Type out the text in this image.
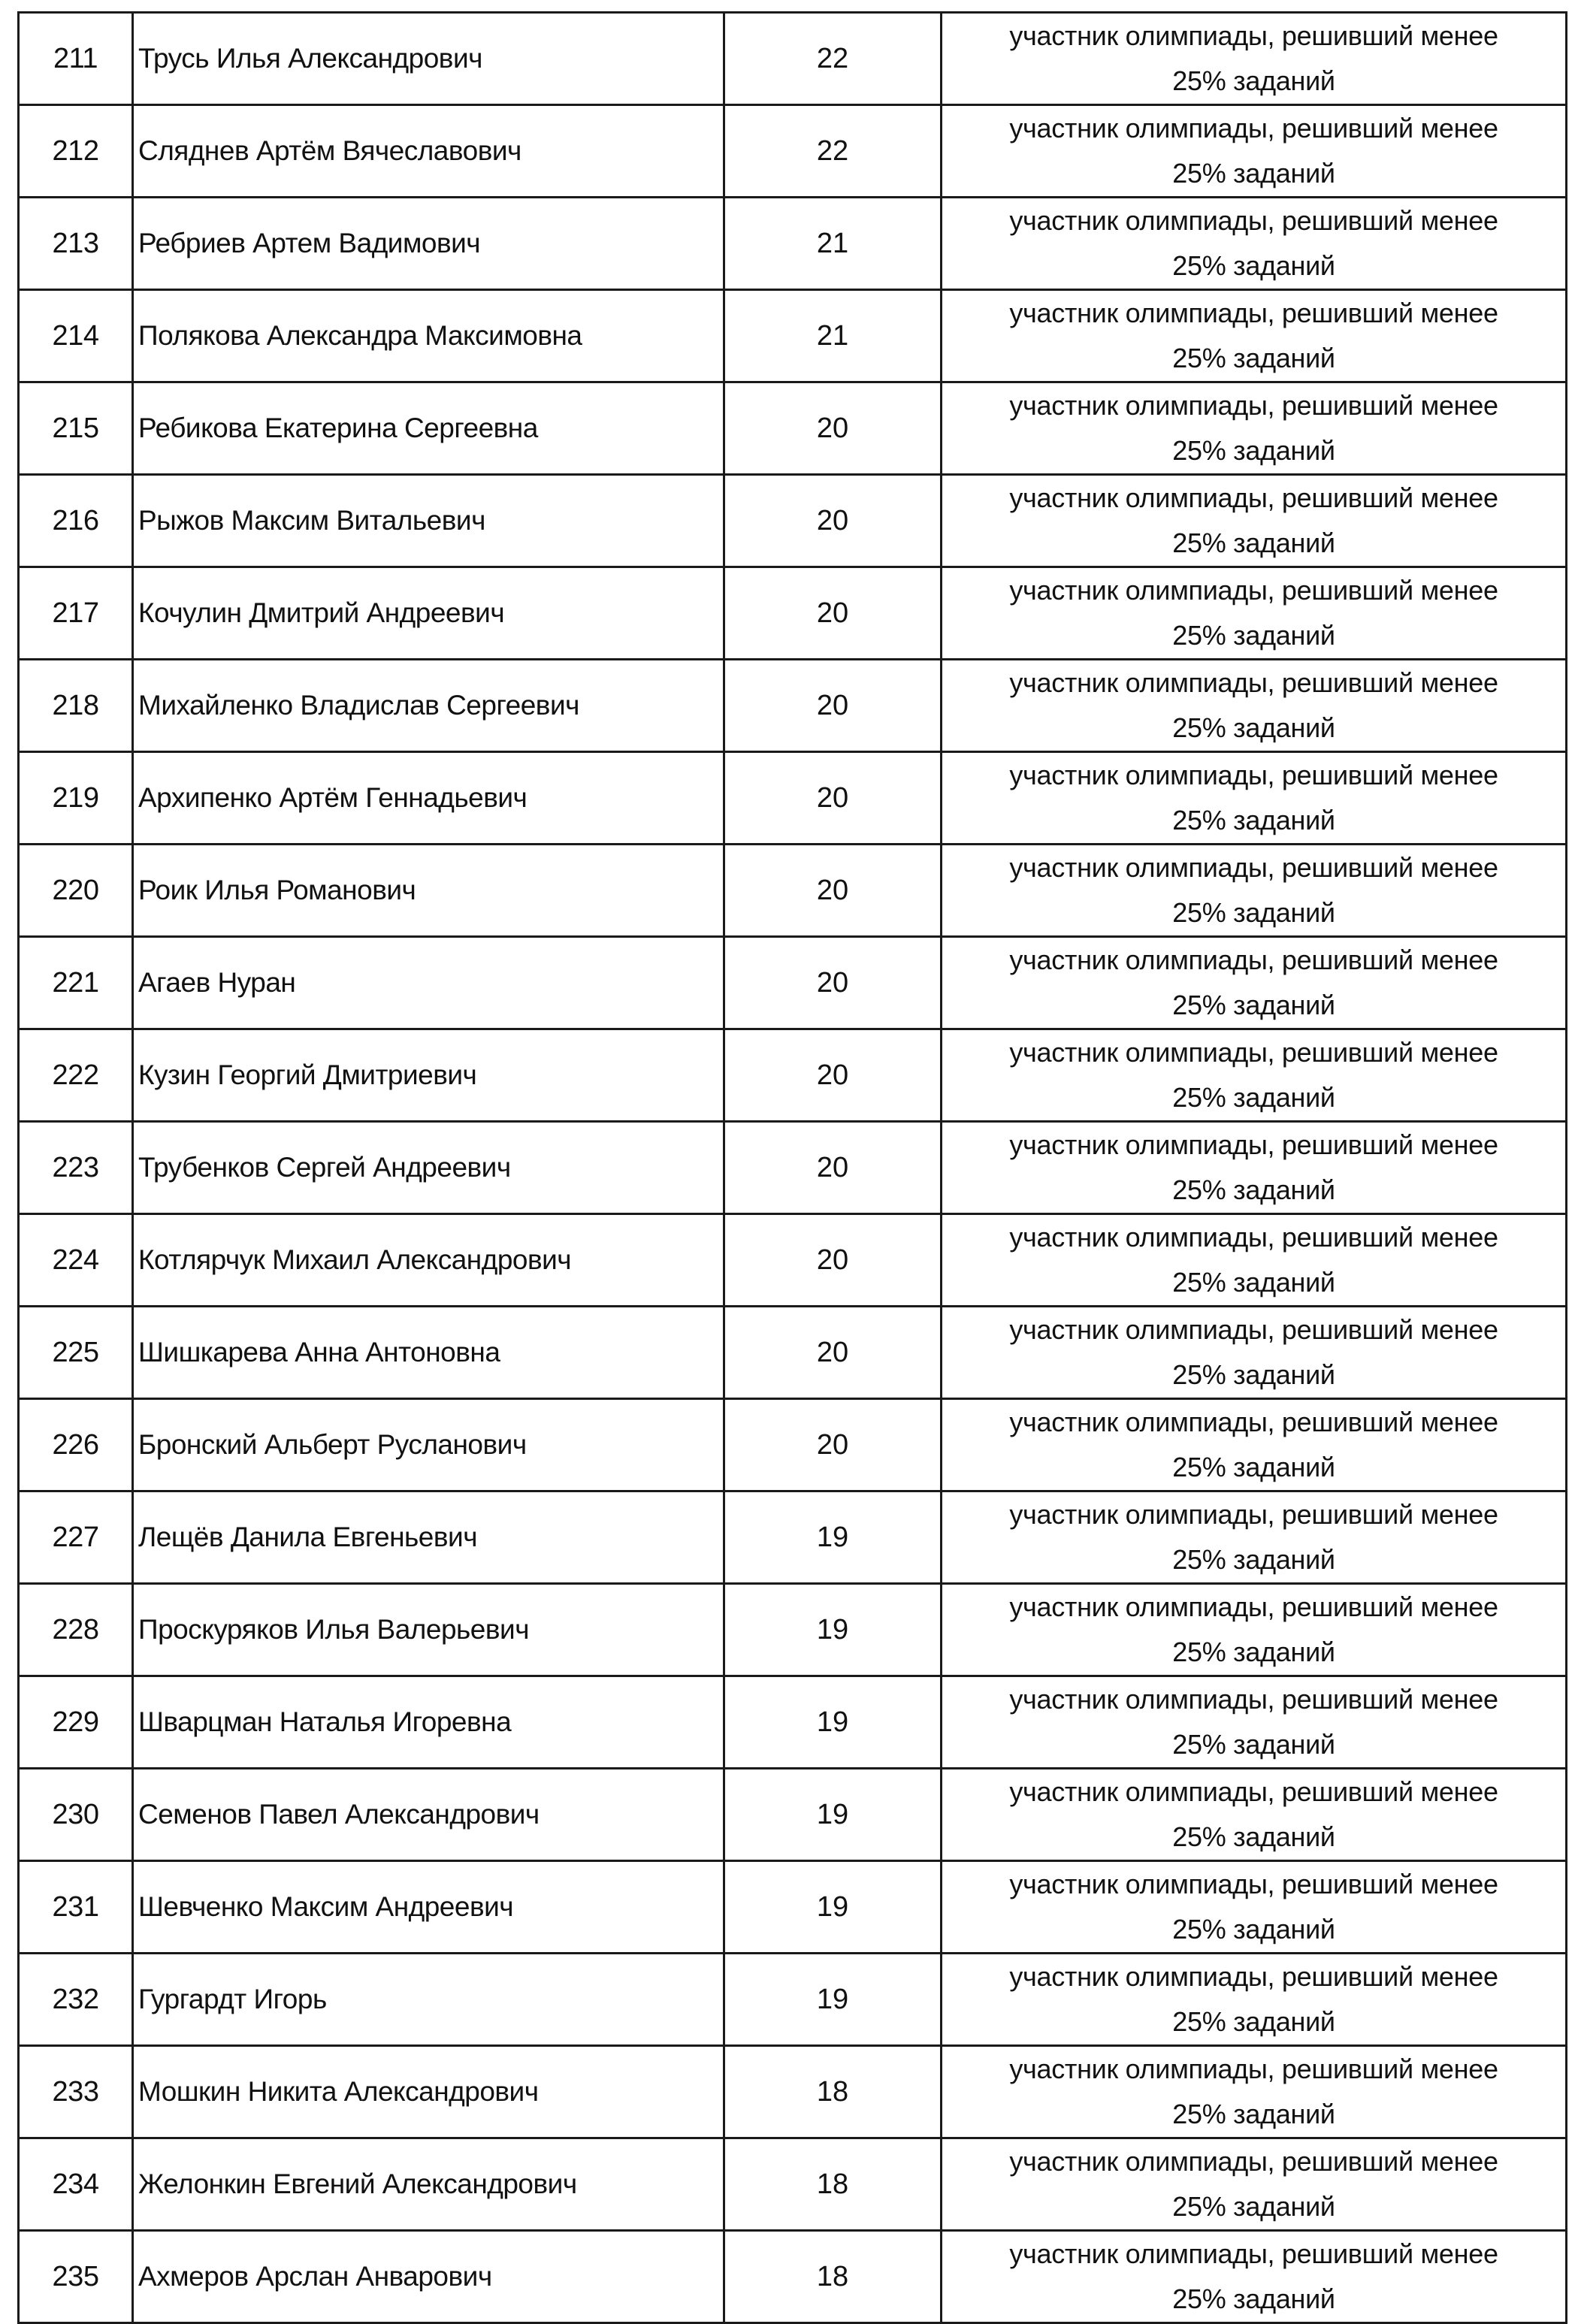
211	Трусь Илья Александрович	22	участник олимпиады, решивший менее
25% заданий

212	Сляднев Артём Вячеславович	22	участник олимпиады, решивший менее
25% заданий

213	Ребриев Артем Вадимович	21	участник олимпиады, решивший менее
25% заданий

214	Полякова Александра Максимовна	21	участник олимпиады, решивший менее
25% заданий

215	Ребикова Екатерина Сергеевна	20	участник олимпиады, решивший менее
25% заданий

216	Рыжов Максим Витальевич	20	участник олимпиады, решивший менее
25% заданий

217	Кочулин Дмитрий Андреевич	20	участник олимпиады, решивший менее
25% заданий

218	Михайленко Владислав Сергеевич	20	участник олимпиады, решивший менее
25% заданий

219	Архипенко Артём Геннадьевич	20	участник олимпиады, решивший менее
25% заданий

220	Роик Илья Романович	20	участник олимпиады, решивший менее
25% заданий

221	Агаев Нуран	20	участник олимпиады, решивший менее
25% заданий

222	Кузин Георгий Дмитриевич	20	участник олимпиады, решивший менее
25% заданий

223	Трубенков Сергей Андреевич	20	участник олимпиады, решивший менее
25% заданий

224	Котлярчук Михаил Александрович	20	участник олимпиады, решивший менее
25% заданий

225	Шишкарева Анна Антоновна	20	участник олимпиады, решивший менее
25% заданий

226	Бронский Альберт Русланович	20	участник олимпиады, решивший менее
25% заданий

227	Лещёв Данила Евгеньевич	19	участник олимпиады, решивший менее
25% заданий

228	Проскуряков Илья Валерьевич	19	участник олимпиады, решивший менее
25% заданий

229	Шварцман Наталья Игоревна	19	участник олимпиады, решивший менее
25% заданий

230	Семенов Павел Александрович	19	участник олимпиады, решивший менее
25% заданий

231	Шевченко Максим Андреевич	19	участник олимпиады, решивший менее
25% заданий

232	Гургардт Игорь	19	участник олимпиады, решивший менее
25% заданий

233	Мошкин Никита Александрович	18	участник олимпиады, решивший менее
25% заданий

234	Желонкин Евгений Александрович	18	участник олимпиады, решивший менее
25% заданий

235	Ахмеров Арслан Анварович	18	участник олимпиады, решивший менее
25% заданий
